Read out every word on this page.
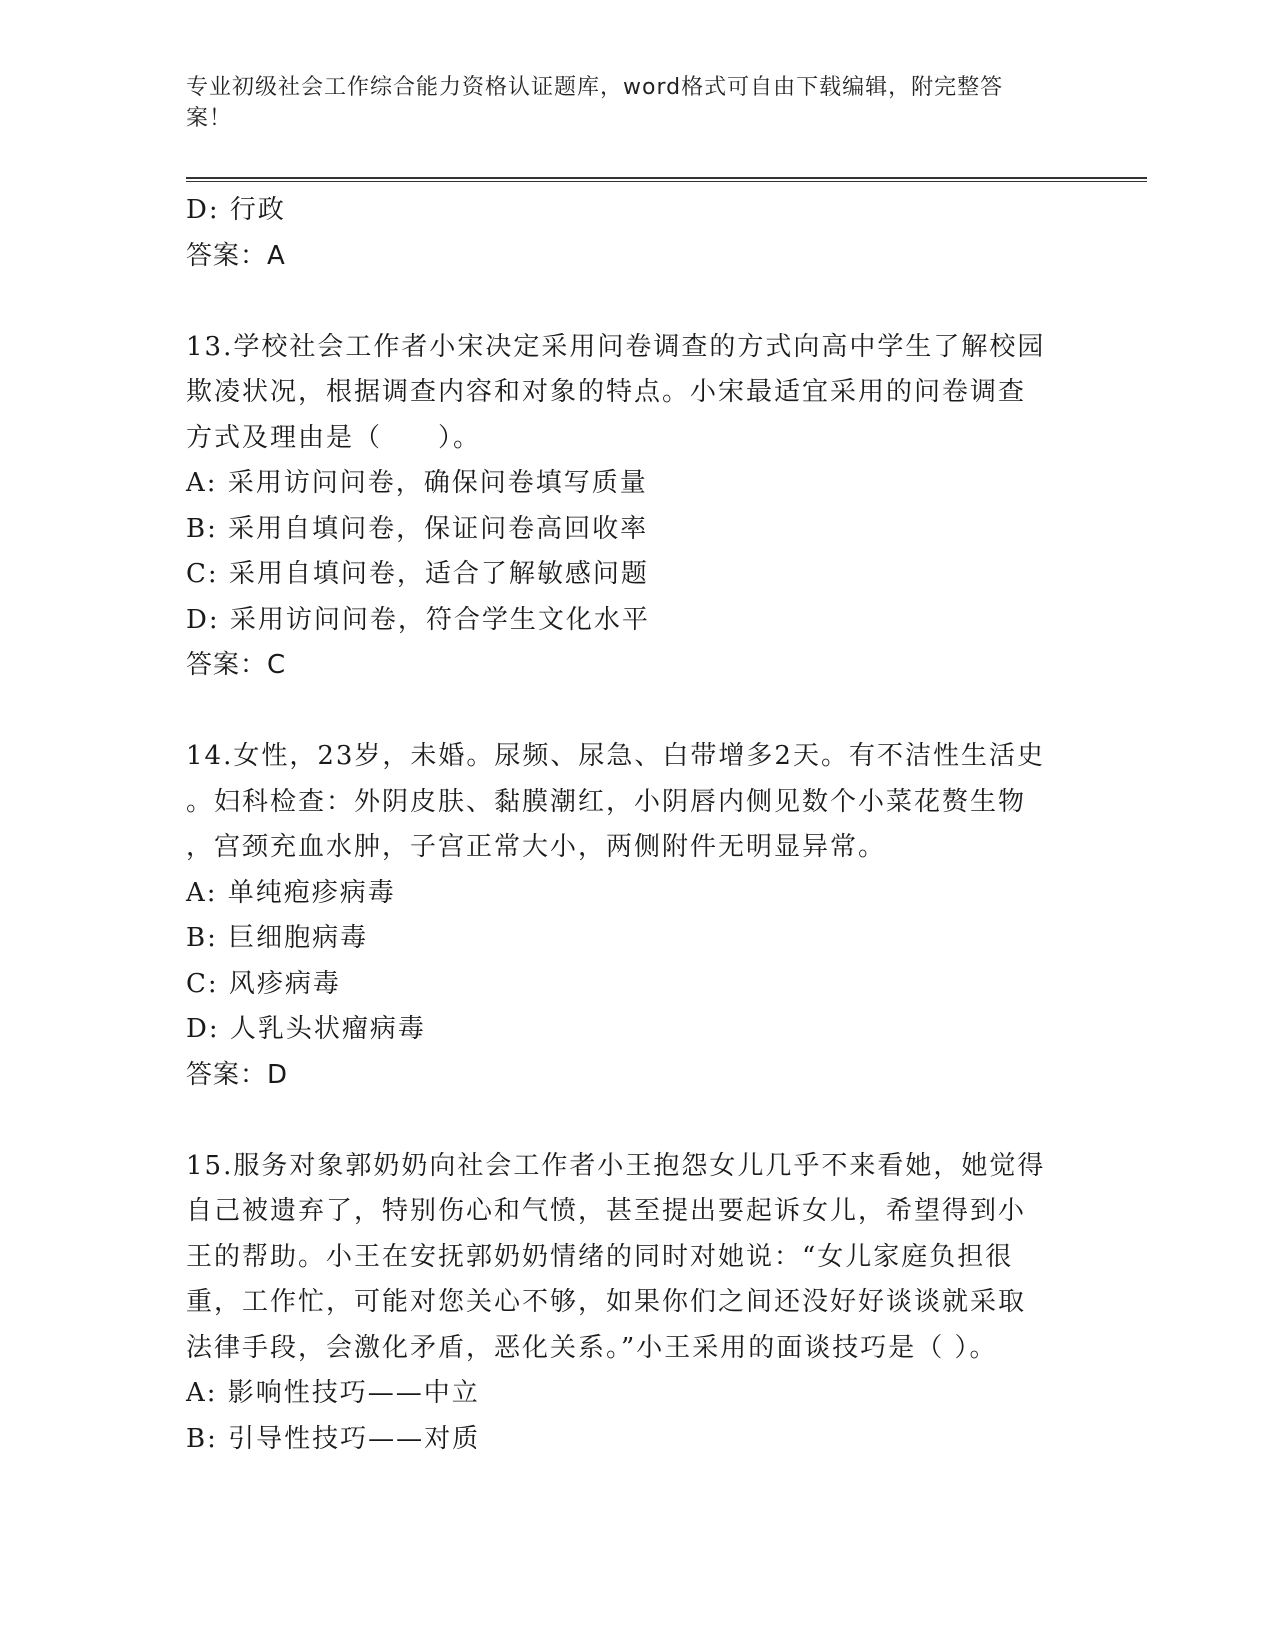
专业初级社会工作综合能力资格认证题库，word格式可自由下载编辑，附完整答
案！
D: 行政
答案：A
13.学校社会工作者小宋决定采用问卷调查的方式向高中学生了解校园
欺凌状况，根据调查内容和对象的特点。小宋最适宜采用的问卷调查
方式及理由是（　　）。
A: 采用访问问卷，确保问卷填写质量
B: 采用自填问卷，保证问卷高回收率
C: 采用自填问卷，适合了解敏感问题
D: 采用访问问卷，符合学生文化水平
答案：C
14.女性，23岁，未婚。尿频、尿急、白带增多2天。有不洁性生活史
。妇科检查：外阴皮肤、黏膜潮红，小阴唇内侧见数个小菜花赘生物
，宫颈充血水肿，子宫正常大小，两侧附件无明显异常。
A: 单纯疱疹病毒
B: 巨细胞病毒
C: 风疹病毒
D: 人乳头状瘤病毒
答案：D
15.服务对象郭奶奶向社会工作者小王抱怨女儿几乎不来看她，她觉得
自己被遗弃了，特别伤心和气愤，甚至提出要起诉女儿，希望得到小
王的帮助。小王在安抚郭奶奶情绪的同时对她说：“女儿家庭负担很
重，工作忙，可能对您关心不够，如果你们之间还没好好谈谈就采取
法律手段，会激化矛盾，恶化关系。”小王采用的面谈技巧是（ ）。
A: 影响性技巧——中立
B: 引导性技巧——对质
